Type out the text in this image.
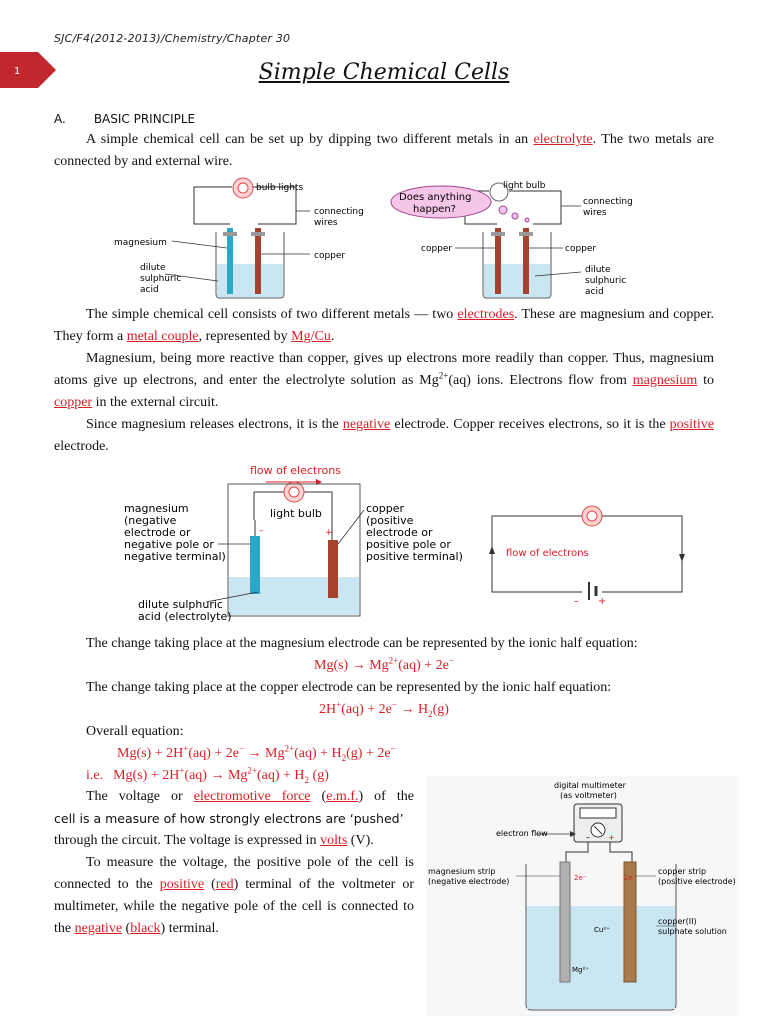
SJC/F4(2012-2013)/Chemistry/Chapter 30
1	Simple Chemical Cells
A. BASIC PRINCIPLE

A simple chemical cell can be set up by dipping two different metals in an electrolyte. The two metals are connected by and external wire.

bulb lights
connecting
wires
magnesium
copper
dilute
sulphuric
acid
Does anything
happen?
light bulb
connecting
wires
copper	copper
dilute
sulphuric
acid

The simple chemical cell consists of two different metals — two electrodes. These are magnesium and copper. They form a metal couple, represented by Mg/Cu.

Magnesium, being more reactive than copper, gives up electrons more readily than copper. Thus, magnesium atoms give up electrons, and enter the electrolyte solution as $Mg^{2+}(aq)$ ions. Electrons flow from magnesium to copper in the external circuit.

Since magnesium releases electrons, it is the negative electrode. Copper receives electrons, so it is the positive electrode.

flow of electrons
light bulb
–	+
magnesium
(negative
electrode or
negative pole or
negative terminal)
copper
(positive
electrode or
positive pole or
positive terminal)
dilute sulphuric
acid (electrolyte)
flow of electrons
– +

The change taking place at the magnesium electrode can be represented by the ionic half equation:

$Mg(s) \to Mg^{2+}(aq) + 2e^-$

The change taking place at the copper electrode can be represented by the ionic half equation:

$2H^+(aq) + 2e^- \to H_2(g)$

Overall equation:

$Mg(s) + 2H^+(aq) + 2e^- \to Mg^{2+}(aq) + H_2(g) + 2e^-$
i.e. $Mg(s) + 2H^+(aq) \to Mg^{2+}(aq) + H_2$ (g)
The voltage or electromotive force (e.m.f.) of the
cell is a measure of how strongly electrons are ‘pushed’
through the circuit. The voltage is expressed in volts (V).

To measure the voltage, the positive pole of the cell is connected to the positive (red) terminal of the voltmeter or multimeter, while the negative pole of the cell is connected to the negative (black) terminal.

digital multimeter
(as voltmeter)
– +
electron flow
2e⁻	2e⁻
Cu²⁺
Mg²⁺
magnesium strip
(negative electrode)
copper strip
(positive electrode)
copper(II)
sulphate solution
